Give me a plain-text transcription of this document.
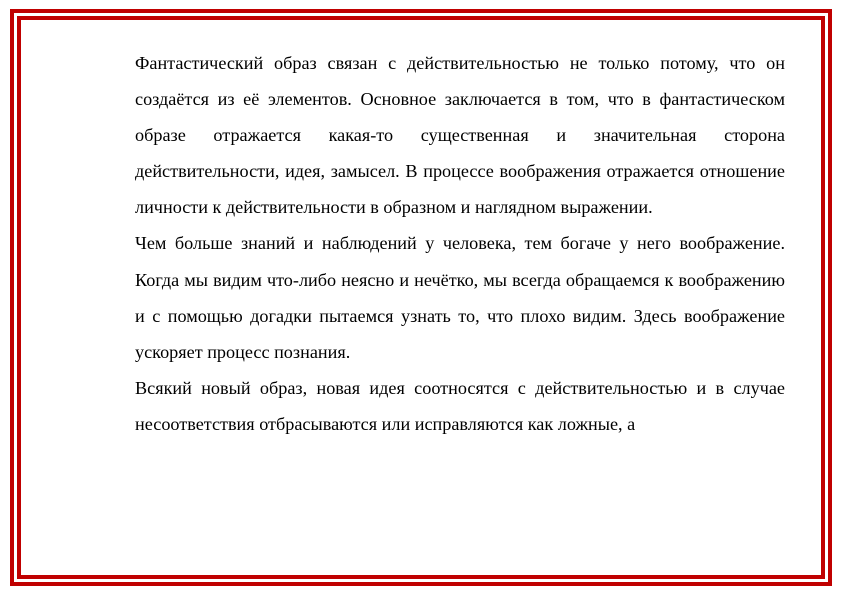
Фантастический образ связан с действительностью не только потому, что он создаётся из её элементов. Основное заключается в том, что в фантастическом образе отражается какая-то существенная и значительная сторона действительности, идея, замысел. В процессе воображения отражается отношение личности к действительности в образном и наглядном выражении.

Чем больше знаний и наблюдений у человека, тем богаче у него воображение. Когда мы видим что-либо неясно и нечётко, мы всегда обращаемся к воображению и с помощью догадки пытаемся узнать то, что плохо видим. Здесь воображение ускоряет процесс познания.

Всякий новый образ, новая идея соотносятся с действительностью и в случае несоответствия отбрасываются или исправляются как ложные, а
